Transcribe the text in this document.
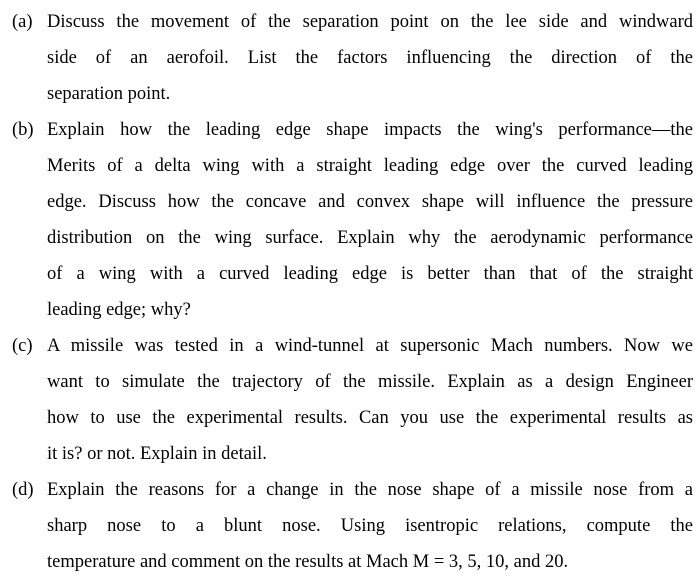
(a) Discuss the movement of the separation point on the lee side and windward
side of an aerofoil. List the factors influencing the direction of the
separation point.
(b) Explain how the leading edge shape impacts the wing's performance—the
Merits of a delta wing with a straight leading edge over the curved leading
edge. Discuss how the concave and convex shape will influence the pressure
distribution on the wing surface. Explain why the aerodynamic performance
of a wing with a curved leading edge is better than that of the straight
leading edge; why?
(c) A missile was tested in a wind-tunnel at supersonic Mach numbers. Now we
want to simulate the trajectory of the missile. Explain as a design Engineer
how to use the experimental results. Can you use the experimental results as
it is? or not. Explain in detail.
(d) Explain the reasons for a change in the nose shape of a missile nose from a
sharp nose to a blunt nose. Using isentropic relations, compute the
temperature and comment on the results at Mach M = 3, 5, 10, and 20.
